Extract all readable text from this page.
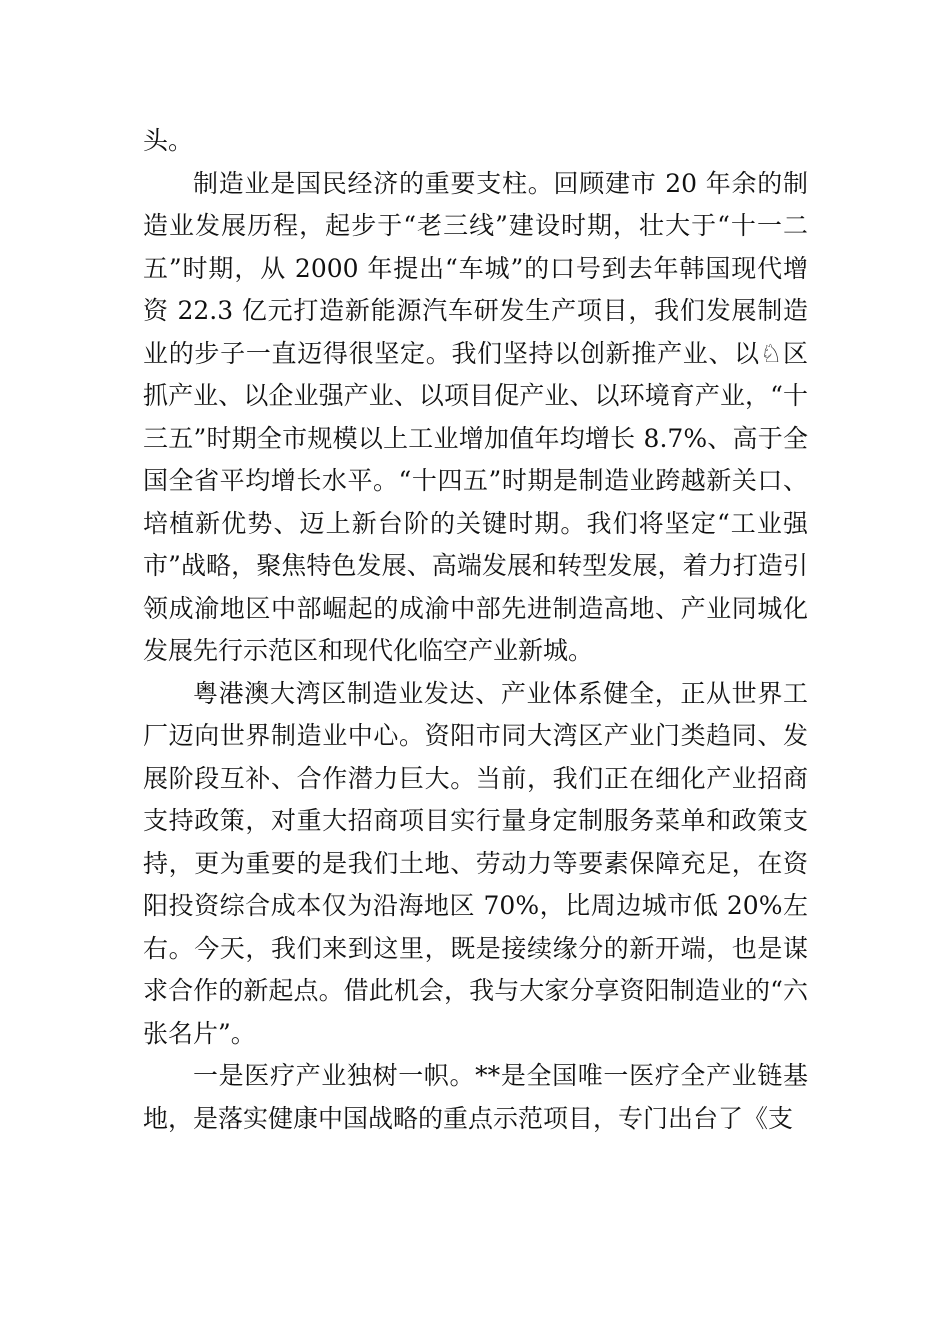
头。

制造业是国民经济的重要支柱。回顾建市 20 年余的制造业发展历程，起步于“老三线”建设时期，壮大于“十一二五”时期，从 2000 年提出“车城”的口号到去年韩国现代增资 22.3 亿元打造新能源汽车研发生产项目，我们发展制造业的步子一直迈得很坚定。我们坚持以创新推产业、以♘区抓产业、以企业强产业、以项目促产业、以环境育产业，“十三五”时期全市规模以上工业增加值年均增长 8.7%、高于全国全省平均增长水平。“十四五”时期是制造业跨越新关口、培植新优势、迈上新台阶的关键时期。我们将坚定“工业强市”战略，聚焦特色发展、高端发展和转型发展，着力打造引领成渝地区中部崛起的成渝中部先进制造高地、产业同城化发展先行示范区和现代化临空产业新城。

粤港澳大湾区制造业发达、产业体系健全，正从世界工厂迈向世界制造业中心。资阳市同大湾区产业门类趋同、发展阶段互补、合作潜力巨大。当前，我们正在细化产业招商支持政策，对重大招商项目实行量身定制服务菜单和政策支持，更为重要的是我们土地、劳动力等要素保障充足，在资阳投资综合成本仅为沿海地区 70%，比周边城市低 20%左右。今天，我们来到这里，既是接续缘分的新开端，也是谋求合作的新起点。借此机会，我与大家分享资阳制造业的“六张名片”。

一是医疗产业独树一帜。**是全国唯一医疗全产业链基地，是落实健康中国战略的重点示范项目，专门出台了《支
